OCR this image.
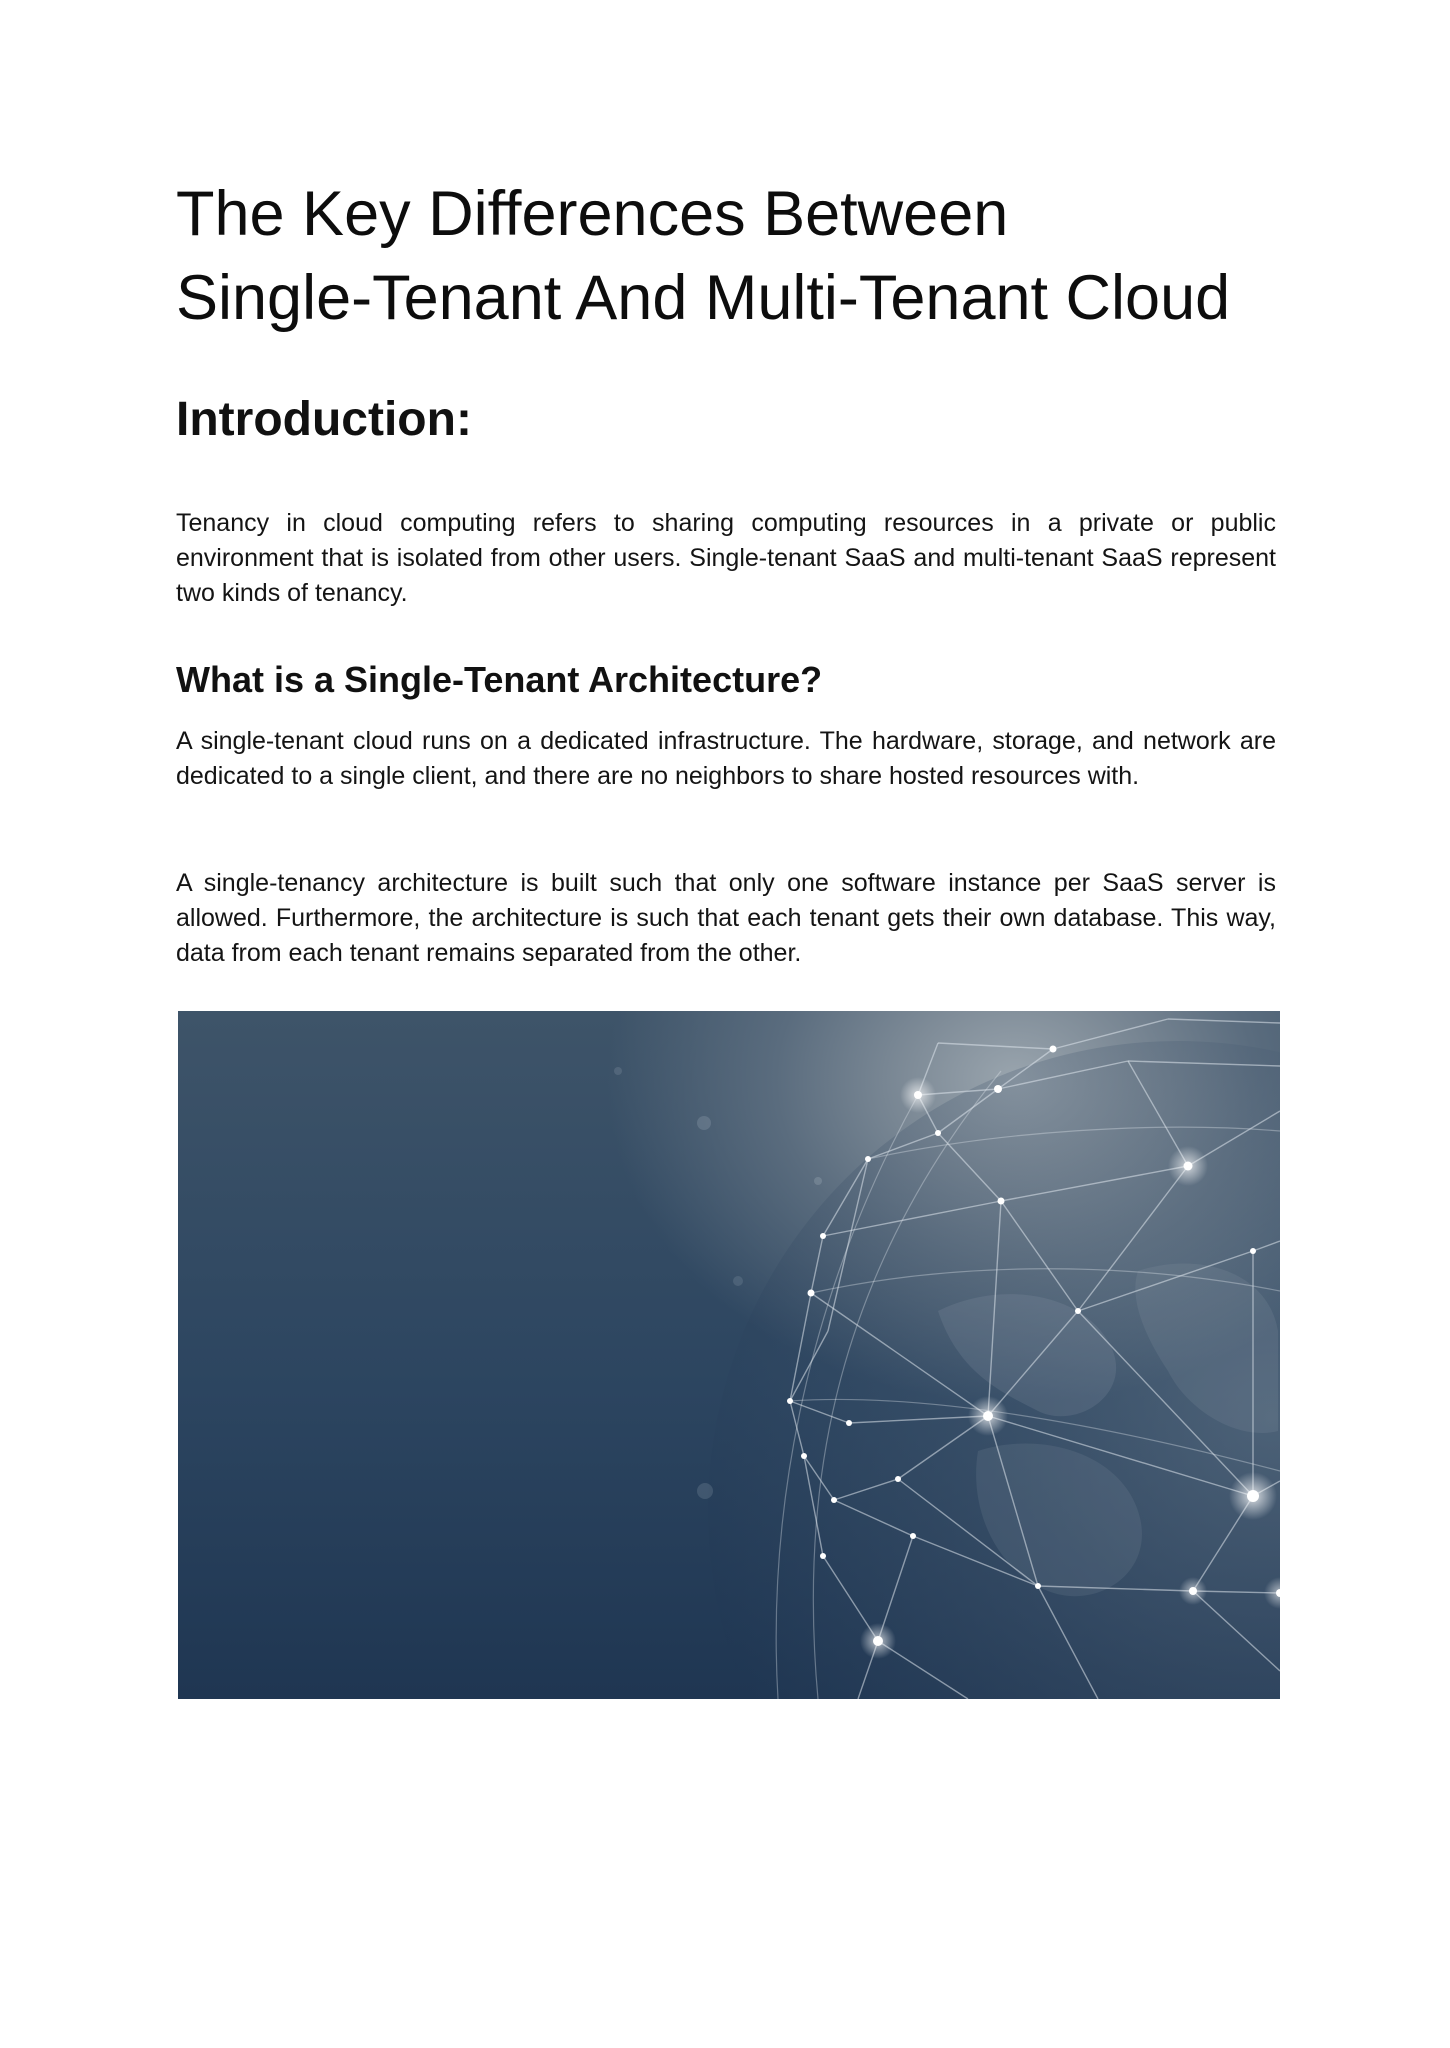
The Key Differences Between
Single-Tenant And Multi-Tenant Cloud
Introduction:

Tenancy in cloud computing refers to sharing computing resources in a private or public environment that is isolated from other users. Single-tenant SaaS and multi-tenant SaaS represent two kinds of tenancy.

What is a Single-Tenant Architecture?

A single-tenant cloud runs on a dedicated infrastructure. The hardware, storage, and network are dedicated to a single client, and there are no neighbors to share hosted resources with.

A single-tenancy architecture is built such that only one software instance per SaaS server is allowed. Furthermore, the architecture is such that each tenant gets their own database. This way, data from each tenant remains separated from the other.
